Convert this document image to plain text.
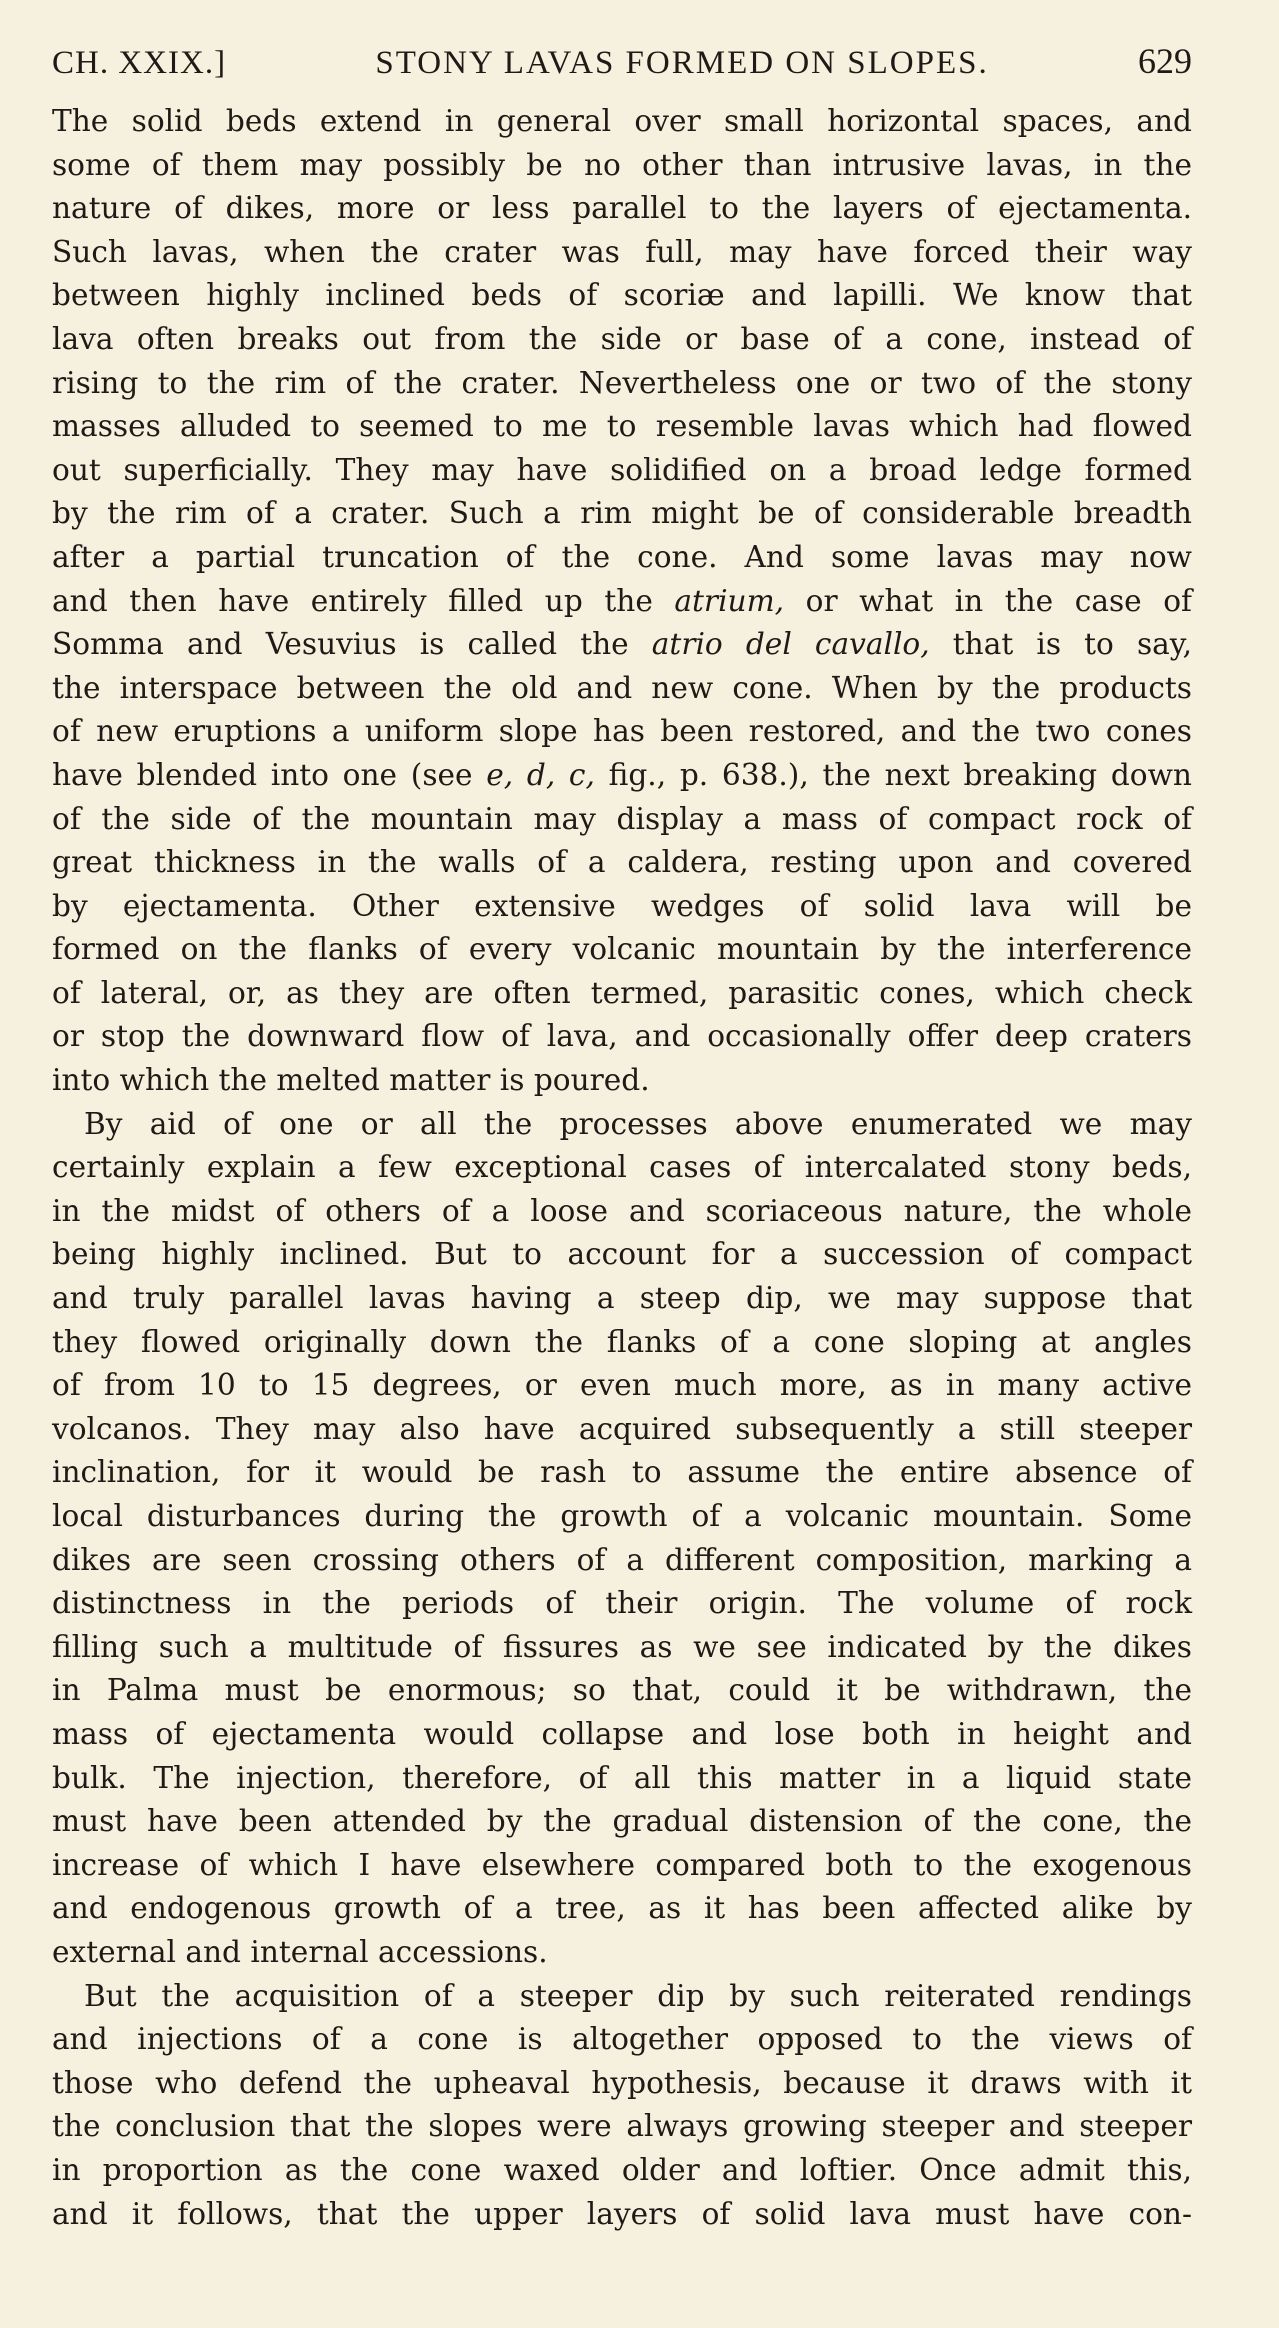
CH. XXIX.]	STONY LAVAS FORMED ON SLOPES.	629
The solid beds extend in general over small horizontal spaces, and
some of them may possibly be no other than intrusive lavas, in the
nature of dikes, more or less parallel to the layers of ejectamenta.
Such lavas, when the crater was full, may have forced their way
between highly inclined beds of scoriæ and lapilli. We know that
lava often breaks out from the side or base of a cone, instead of
rising to the rim of the crater. Nevertheless one or two of the stony
masses alluded to seemed to me to resemble lavas which had flowed
out superficially. They may have solidified on a broad ledge formed
by the rim of a crater. Such a rim might be of considerable breadth
after a partial truncation of the cone. And some lavas may now
and then have entirely filled up the atrium, or what in the case of
Somma and Vesuvius is called the atrio del cavallo, that is to say,
the interspace between the old and new cone. When by the products
of new eruptions a uniform slope has been restored, and the two cones
have blended into one (see e, d, c, fig., p. 638.), the next breaking down
of the side of the mountain may display a mass of compact rock of
great thickness in the walls of a caldera, resting upon and covered
by ejectamenta. Other extensive wedges of solid lava will be
formed on the flanks of every volcanic mountain by the interference
of lateral, or, as they are often termed, parasitic cones, which check
or stop the downward flow of lava, and occasionally offer deep craters
into which the melted matter is poured.
By aid of one or all the processes above enumerated we may
certainly explain a few exceptional cases of intercalated stony beds,
in the midst of others of a loose and scoriaceous nature, the whole
being highly inclined. But to account for a succession of compact
and truly parallel lavas having a steep dip, we may suppose that
they flowed originally down the flanks of a cone sloping at angles
of from 10 to 15 degrees, or even much more, as in many active
volcanos. They may also have acquired subsequently a still steeper
inclination, for it would be rash to assume the entire absence of
local disturbances during the growth of a volcanic mountain. Some
dikes are seen crossing others of a different composition, marking a
distinctness in the periods of their origin. The volume of rock
filling such a multitude of fissures as we see indicated by the dikes
in Palma must be enormous; so that, could it be withdrawn, the
mass of ejectamenta would collapse and lose both in height and
bulk. The injection, therefore, of all this matter in a liquid state
must have been attended by the gradual distension of the cone, the
increase of which I have elsewhere compared both to the exogenous
and endogenous growth of a tree, as it has been affected alike by
external and internal accessions.
But the acquisition of a steeper dip by such reiterated rendings
and injections of a cone is altogether opposed to the views of
those who defend the upheaval hypothesis, because it draws with it
the conclusion that the slopes were always growing steeper and steeper
in proportion as the cone waxed older and loftier. Once admit this,
and it follows, that the upper layers of solid lava must have con-
